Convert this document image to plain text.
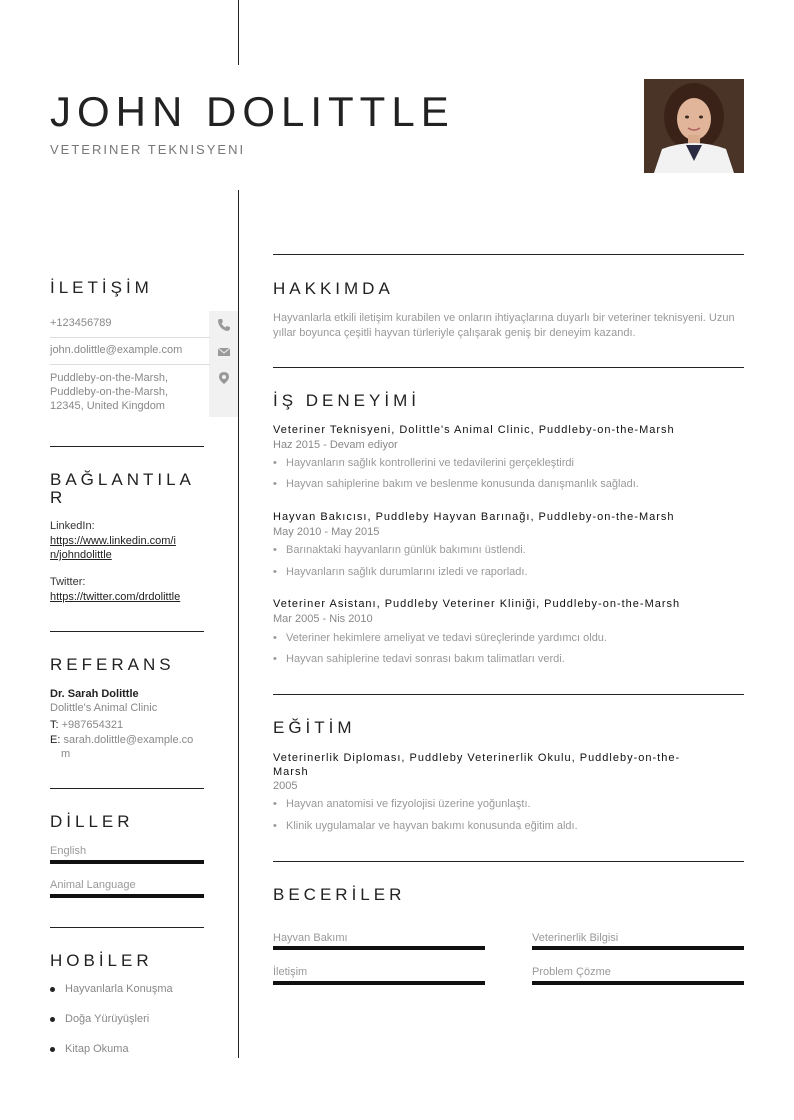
JOHN DOLITTLE
VETERINER TEKNISYENI
İLETİŞİM
+123456789
john.dolittle@example.com
Puddleby-on-the-Marsh,
Puddleby-on-the-Marsh,
12345, United Kingdom
BAĞLANTILA
R
LinkedIn:
https://www.linkedin.com/i
n/johndolittle
Twitter:
https://twitter.com/drdolittle
REFERANS
Dr. Sarah Dolittle
Dolittle's Animal Clinic
T: +987654321
E: sarah.dolittle@example.co
m
DİLLER
English
Animal Language
HOBİLER
Hayvanlarla Konuşma
Doğa Yürüyüşleri
Kitap Okuma
HAKKIMDA
Hayvanlarla etkili iletişim kurabilen ve onların ihtiyaçlarına duyarlı bir veteriner teknisyeni. Uzun yıllar boyunca çeşitli hayvan türleriyle çalışarak geniş bir deneyim kazandı.
İŞ DENEYİMİ
Veteriner Teknisyeni, Dolittle's Animal Clinic, Puddleby-on-the-Marsh
Haz 2015 - Devam ediyor
• Hayvanların sağlık kontrollerini ve tedavilerini gerçekleştirdi
• Hayvan sahiplerine bakım ve beslenme konusunda danışmanlık sağladı.
Hayvan Bakıcısı, Puddleby Hayvan Barınağı, Puddleby-on-the-Marsh
May 2010 - May 2015
• Barınaktaki hayvanların günlük bakımını üstlendi.
• Hayvanların sağlık durumlarını izledi ve raporladı.
Veteriner Asistanı, Puddleby Veteriner Kliniği, Puddleby-on-the-Marsh
Mar 2005 - Nis 2010
• Veteriner hekimlere ameliyat ve tedavi süreçlerinde yardımcı oldu.
• Hayvan sahiplerine tedavi sonrası bakım talimatları verdi.
EĞİTİM
Veterinerlik Diploması, Puddleby Veterinerlik Okulu, Puddleby-on-the-
Marsh
2005
• Hayvan anatomisi ve fizyolojisi üzerine yoğunlaştı.
• Klinik uygulamalar ve hayvan bakımı konusunda eğitim aldı.
BECERİLER
Hayvan Bakımı	Veterinerlik Bilgisi
İletişim	Problem Çözme
